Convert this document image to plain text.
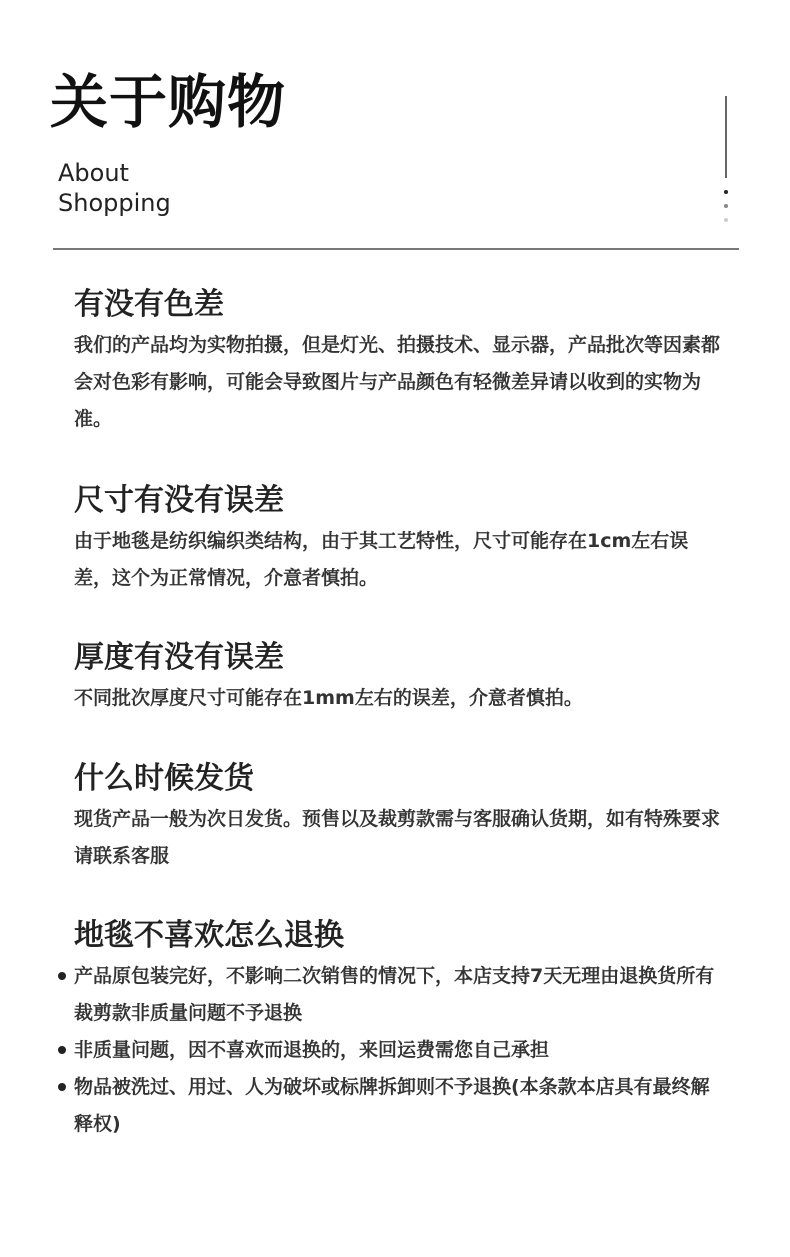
关于购物
About
Shopping
有没有色差

我们的产品均为实物拍摄，但是灯光、拍摄技术、显示器，产品批次等因素都会对色彩有影响，可能会导致图片与产品颜色有轻微差异请以收到的实物为准。

尺寸有没有误差

由于地毯是纺织编织类结构，由于其工艺特性，尺寸可能存在1cm左右误差，这个为正常情况，介意者慎拍。

厚度有没有误差

不同批次厚度尺寸可能存在1mm左右的误差，介意者慎拍。

什么时候发货

现货产品一般为次日发货。预售以及裁剪款需与客服确认货期，如有特殊要求请联系客服

地毯不喜欢怎么退换
产品原包装完好，不影响二次销售的情况下，本店支持7天无理由退换货所有裁剪款非质量问题不予退换
非质量问题，因不喜欢而退换的，来回运费需您自己承担
物品被洗过、用过、人为破坏或标牌拆卸则不予退换(本条款本店具有最终解释权)
